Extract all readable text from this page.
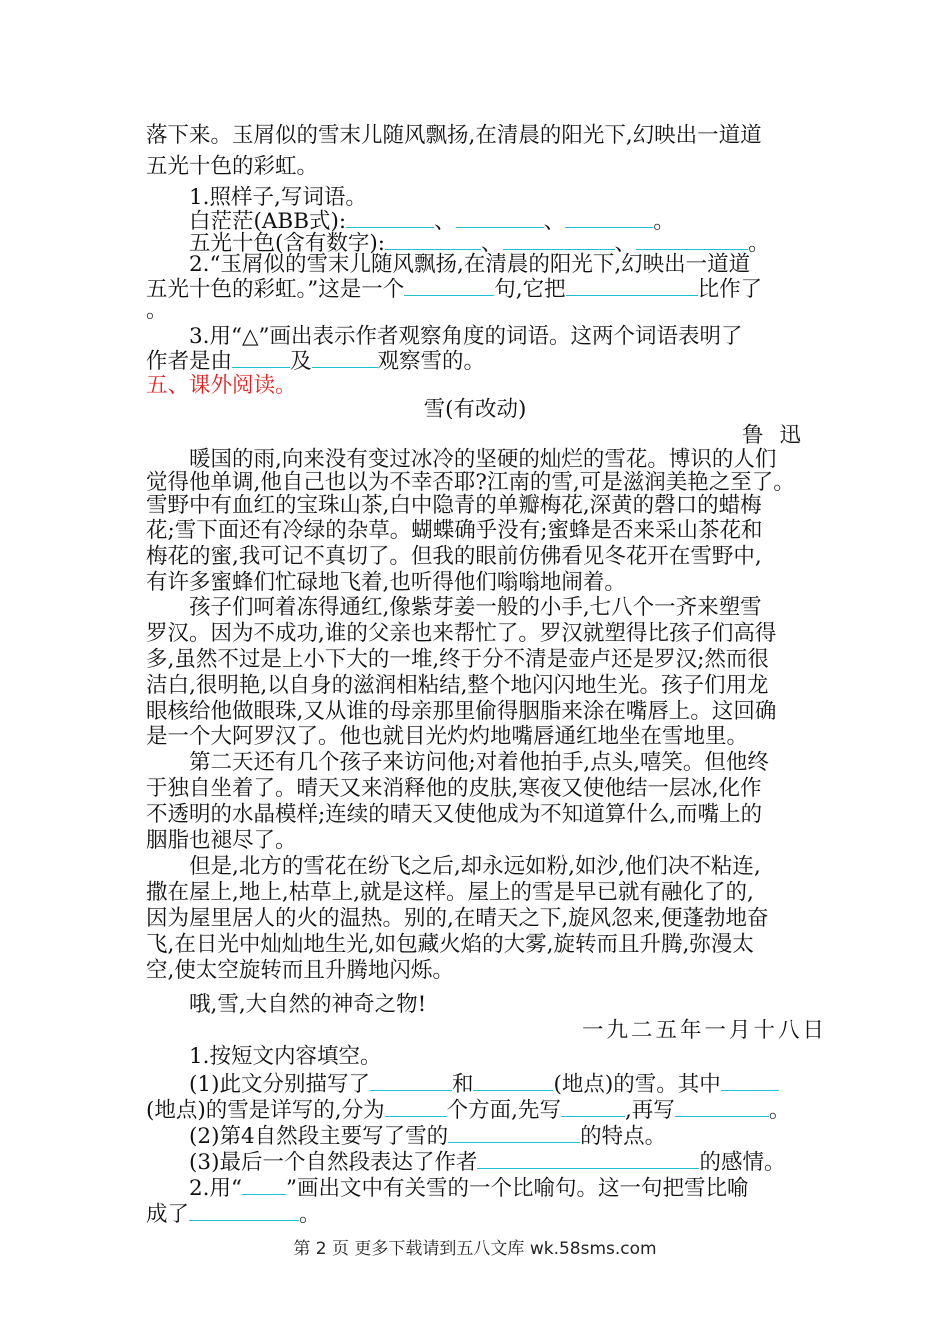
落下来。玉屑似的雪末儿随风飘扬,在清晨的阳光下,幻映出一道道
五光十色的彩虹。
1.照样子,写词语。
白茫茫(ABB式):	、	、	。
五光十色(含有数字):	、	、	。
2.“玉屑似的雪末儿随风飘扬,在清晨的阳光下,幻映出一道道
五光十色的彩虹。”这是一个	句,它把	比作了
。
3.用“△”画出表示作者观察角度的词语。这两个词语表明了
作者是由	及	观察雪的。
五、课外阅读。
雪(有改动)
鲁迅
暖国的雨,向来没有变过冰冷的坚硬的灿烂的雪花。博识的人们
觉得他单调,他自己也以为不幸否耶?江南的雪,可是滋润美艳之至了。
雪野中有血红的宝珠山茶,白中隐青的单瓣梅花,深黄的磬口的蜡梅
花;雪下面还有冷绿的杂草。蝴蝶确乎没有;蜜蜂是否来采山茶花和
梅花的蜜,我可记不真切了。但我的眼前仿佛看见冬花开在雪野中,
有许多蜜蜂们忙碌地飞着,也听得他们嗡嗡地闹着。
孩子们呵着冻得通红,像紫芽姜一般的小手,七八个一齐来塑雪
罗汉。因为不成功,谁的父亲也来帮忙了。罗汉就塑得比孩子们高得
多,虽然不过是上小下大的一堆,终于分不清是壶卢还是罗汉;然而很
洁白,很明艳,以自身的滋润相粘结,整个地闪闪地生光。孩子们用龙
眼核给他做眼珠,又从谁的母亲那里偷得胭脂来涂在嘴唇上。这回确
是一个大阿罗汉了。他也就目光灼灼地嘴唇通红地坐在雪地里。
第二天还有几个孩子来访问他;对着他拍手,点头,嘻笑。但他终
于独自坐着了。晴天又来消释他的皮肤,寒夜又使他结一层冰,化作
不透明的水晶模样;连续的晴天又使他成为不知道算什么,而嘴上的
胭脂也褪尽了。
但是,北方的雪花在纷飞之后,却永远如粉,如沙,他们决不粘连,
撒在屋上,地上,枯草上,就是这样。屋上的雪是早已就有融化了的,
因为屋里居人的火的温热。别的,在晴天之下,旋风忽来,便蓬勃地奋
飞,在日光中灿灿地生光,如包藏火焰的大雾,旋转而且升腾,弥漫太
空,使太空旋转而且升腾地闪烁。
哦,雪,大自然的神奇之物!
一九二五年一月十八日
1.按短文内容填空。
(1)此文分别描写了	和	(地点)的雪。其中
(地点)的雪是详写的,分为	个方面,先写	,再写	。
(2)第4自然段主要写了雪的	的特点。
(3)最后一个自然段表达了作者	的感情。
2.用“ ”画出文中有关雪的一个比喻句。这一句把雪比喻
成了	。
第 2 页 更多下载请到五八文库 wk.58sms.com
